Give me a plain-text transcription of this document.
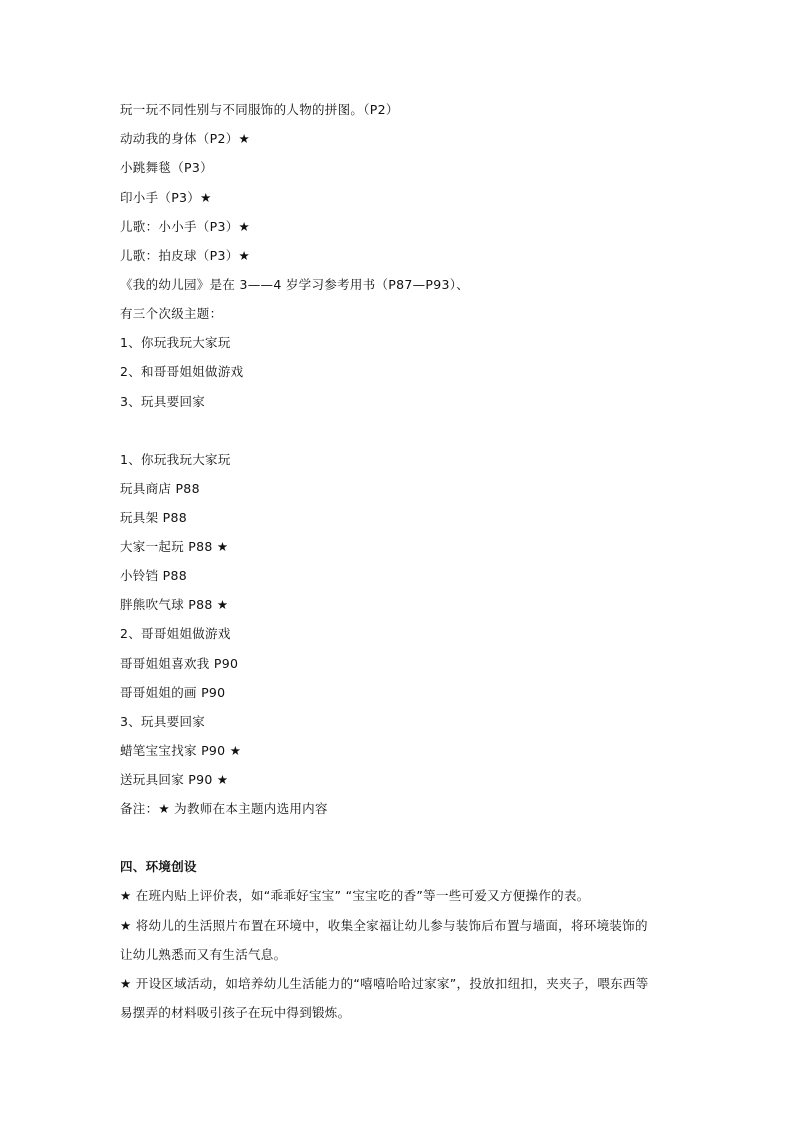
玩一玩不同性别与不同服饰的人物的拼图。（P2）
动动我的身体（P2）★
小跳舞毯（P3）
印小手（P3）★
儿歌：小小手（P3）★
儿歌：拍皮球（P3）★
《我的幼儿园》是在 3——4 岁学习参考用书（P87—P93）、
有三个次级主题：
1、你玩我玩大家玩
2、和哥哥姐姐做游戏
3、玩具要回家
1、你玩我玩大家玩
玩具商店 P88
玩具架 P88
大家一起玩 P88 ★
小铃铛 P88
胖熊吹气球 P88 ★
2、哥哥姐姐做游戏
哥哥姐姐喜欢我 P90
哥哥姐姐的画 P90
3、玩具要回家
蜡笔宝宝找家 P90 ★
送玩具回家 P90 ★
备注：★ 为教师在本主题内选用内容
四、环境创设
★ 在班内贴上评价表，如“乖乖好宝宝” “宝宝吃的香”等一些可爱又方便操作的表。
★ 将幼儿的生活照片布置在环境中，收集全家福让幼儿参与装饰后布置与墙面，将环境装饰的
让幼儿熟悉而又有生活气息。
★ 开设区域活动，如培养幼儿生活能力的“嘻嘻哈哈过家家”，投放扣纽扣，夹夹子，喂东西等
易摆弄的材料吸引孩子在玩中得到锻炼。
